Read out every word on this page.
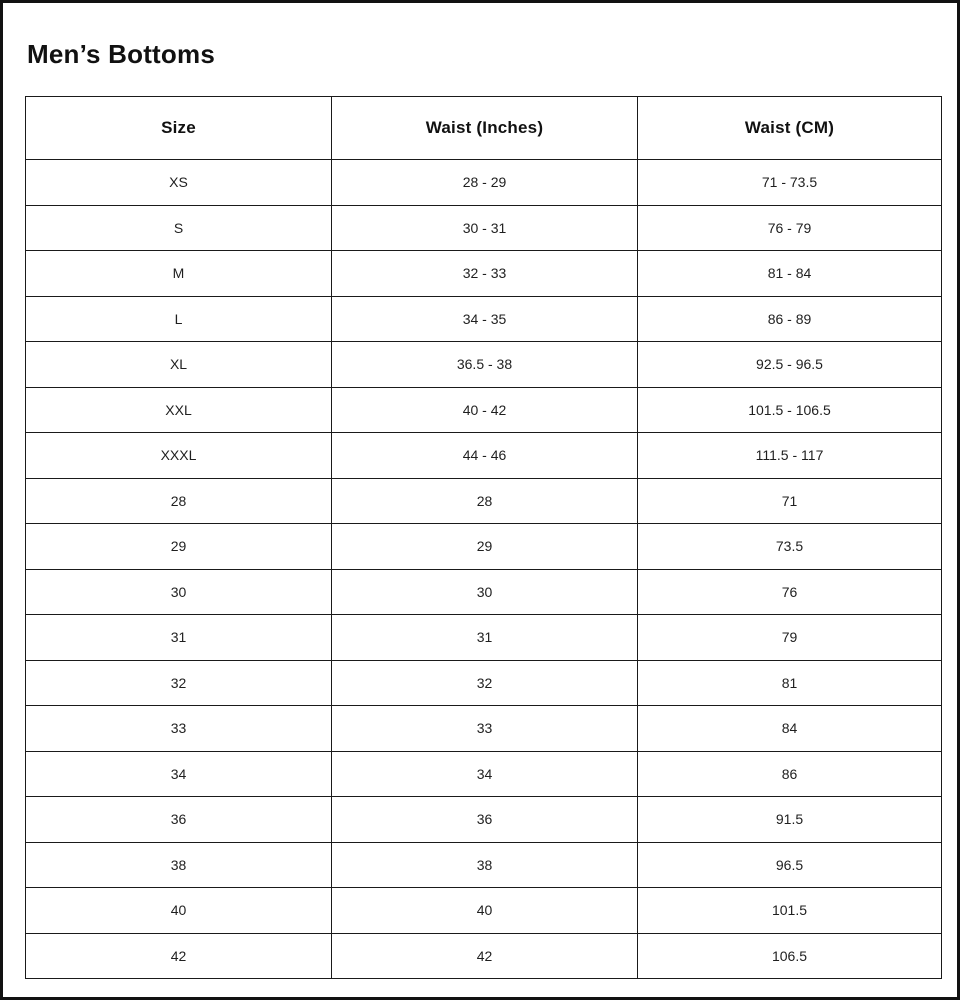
Men’s Bottoms
Size	Waist (Inches)	Waist (CM)
XS	28 - 29	71 - 73.5
S	30 - 31	76 - 79
M	32 - 33	81 - 84
L	34 - 35	86 - 89
XL	36.5 - 38	92.5 - 96.5
XXL	40 - 42	101.5 - 106.5
XXXL	44 - 46	111.5 - 117
28	28	71
29	29	73.5
30	30	76
31	31	79
32	32	81
33	33	84
34	34	86
36	36	91.5
38	38	96.5
40	40	101.5
42	42	106.5
